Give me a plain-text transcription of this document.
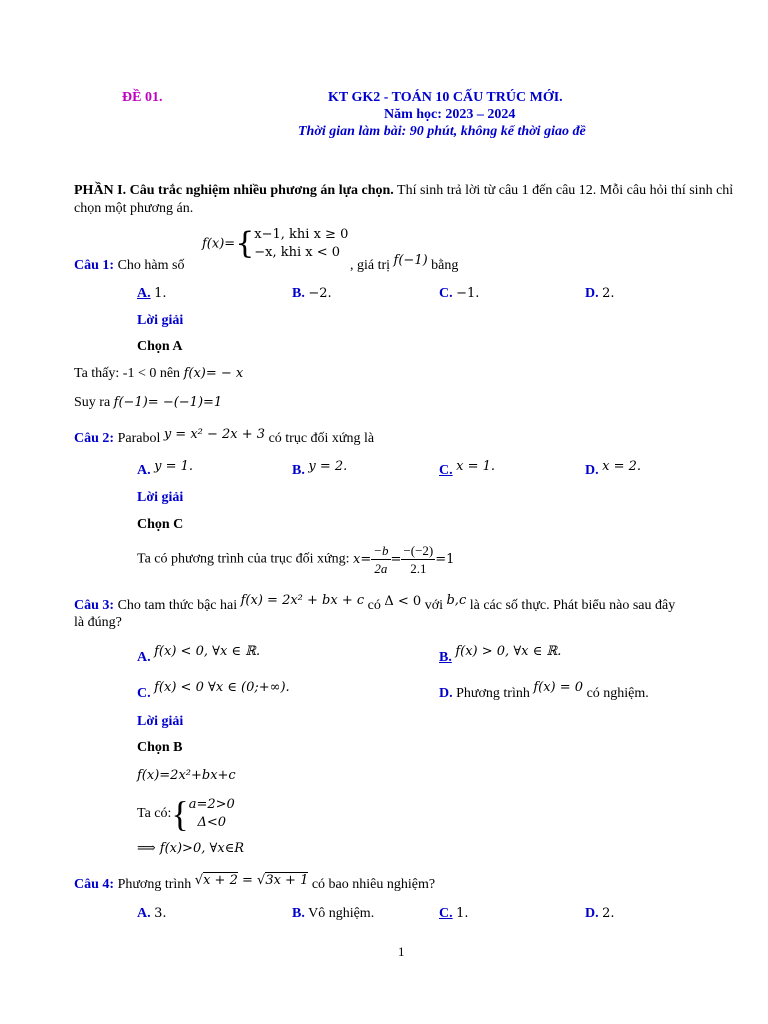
ĐỀ 01.	KT GK2 - TOÁN 10 CẤU TRÚC MỚI.
Năm học: 2023 – 2024
Thời gian làm bài: 90 phút, không kể thời giao đề
PHẦN I. Câu trắc nghiệm nhiều phương án lựa chọn. Thí sinh trả lời từ câu 1 đến câu 12. Mỗi câu hỏi thí sinh chỉ chọn một phương án.
Câu 1: Cho hàm số
f(x)={ x−1, khi x ≥ 0
−x, khi x < 0
, giá trị f(−1) bằng
A. 1.	B. −2.	C. −1.	D. 2.
Lời giải
Chọn A
Ta thấy: -1 < 0 nên f(x)= − x
Suy ra f(−1)= −(−1)=1
Câu 2: Parabol y = x² − 2x + 3 có trục đối xứng là
A. y = 1.	B. y = 2.	C. x = 1.	D. x = 2.
Lời giải
Chọn C
Ta có phương trình của trục đối xứng: $x= \frac{-b}{2a} = \frac{-(-2)}{2.1} =1$
Câu 3: Cho tam thức bậc hai f(x) = 2x² + bx + c có Δ < 0 với b,c là các số thực. Phát biểu nào sau đây
là đúng?
A. f(x) < 0, ∀x ∈ ℝ.	B. f(x) > 0, ∀x ∈ ℝ.
C. f(x) < 0 ∀x ∈ (0;+∞).	D. Phương trình f(x) = 0 có nghiệm.
Lời giải
Chọn B
f(x)=2x²+bx+c
Ta có:{ a=2>0
Δ<0
⟹ f(x)>0, ∀x∈R
Câu 4: Phương trình √x + 2 = √3x + 1 có bao nhiêu nghiệm?
A. 3.	B. Vô nghiệm.	C. 1.	D. 2.
1
